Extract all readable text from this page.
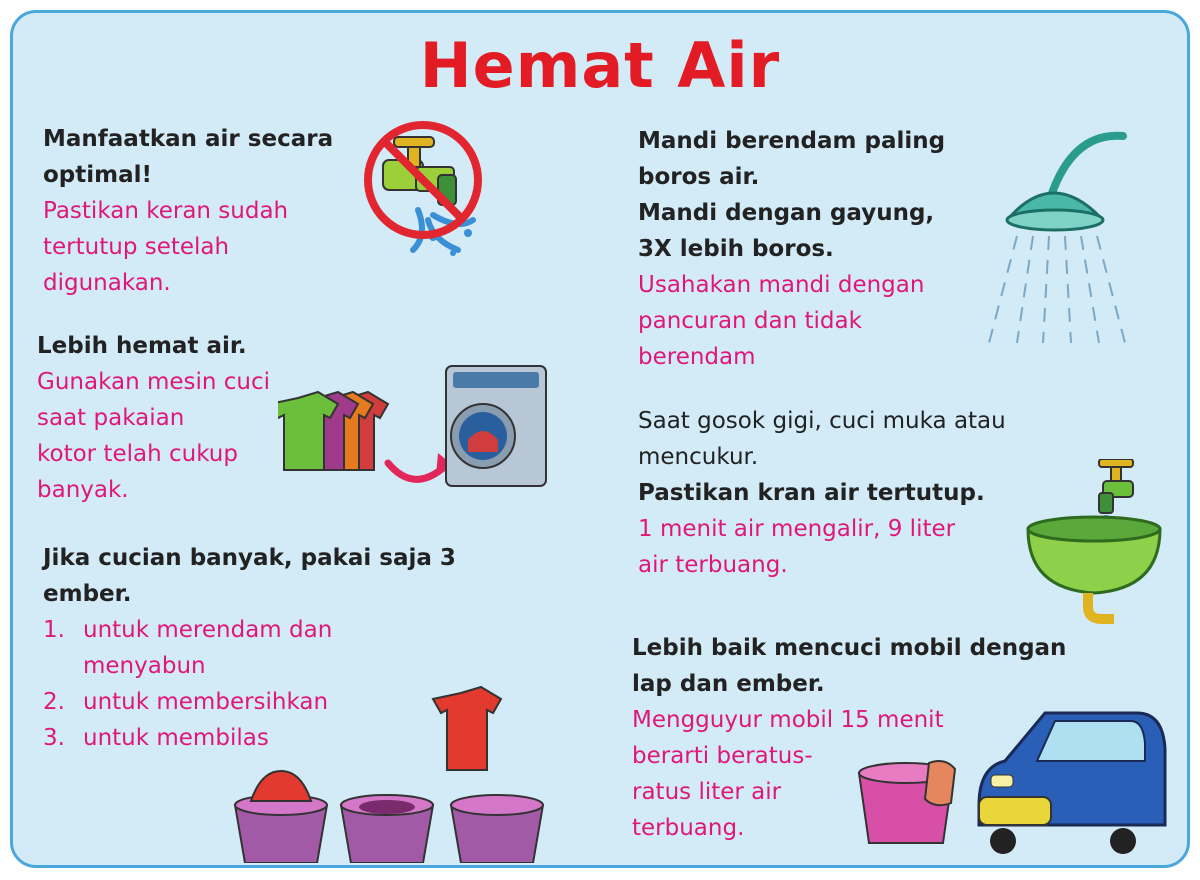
Hemat Air
Manfaatkan air secara
optimal!
Pastikan keran sudah
tertutup setelah
digunakan.
Lebih hemat air.
Gunakan mesin cuci
saat pakaian
kotor telah cukup
banyak.
Jika cucian banyak, pakai saja 3
ember.
1. untuk merendam dan
menyabun
2. untuk membersihkan
3. untuk membilas
Mandi berendam paling
boros air.
Mandi dengan gayung,
3X lebih boros.
Usahakan mandi dengan
pancuran dan tidak
berendam
Saat gosok gigi, cuci muka atau
mencukur.
Pastikan kran air tertutup.
1 menit air mengalir, 9 liter
air terbuang.
Lebih baik mencuci mobil dengan
lap dan ember.
Mengguyur mobil 15 menit
berarti beratus-
ratus liter air
terbuang.
